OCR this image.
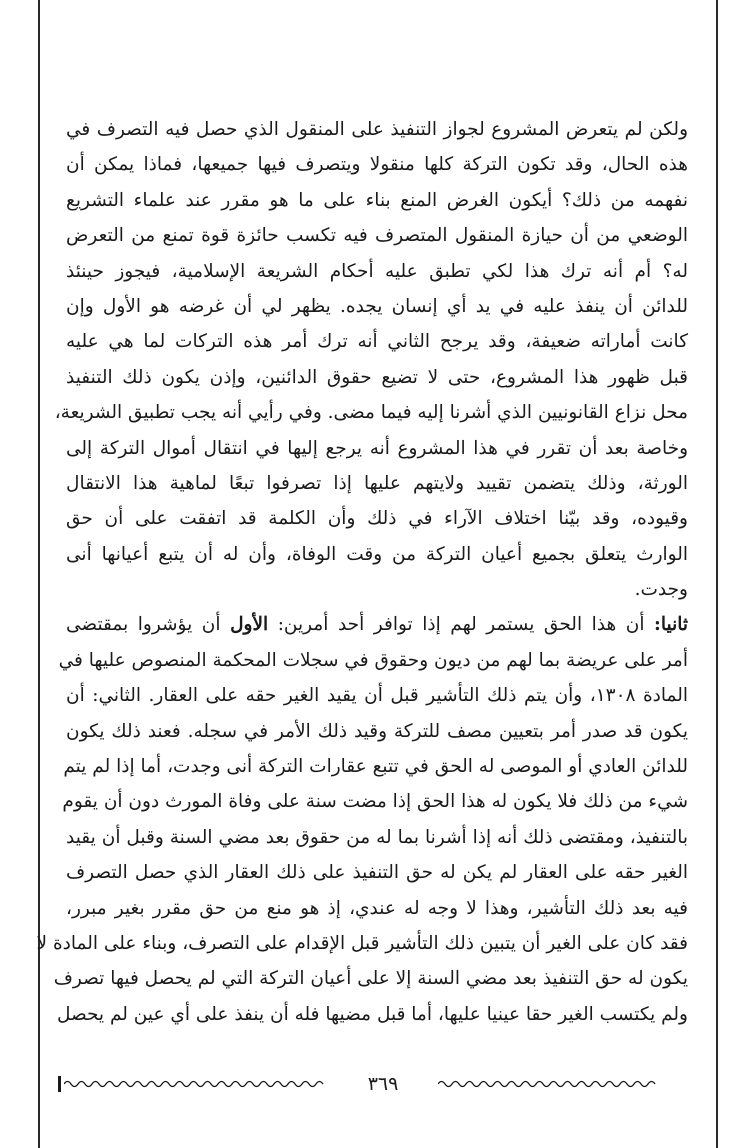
ولكن لم يتعرض المشروع لجواز التنفيذ على المنقول الذي حصل فيه التصرف في
هذه الحال، وقد تكون التركة كلها منقولا ويتصرف فيها جميعها، فماذا يمكن أن
نفهمه من ذلك؟ أيكون الغرض المنع بناء على ما هو مقرر عند علماء التشريع
الوضعي من أن حيازة المنقول المتصرف فيه تكسب حائزة قوة تمنع من التعرض
له؟ أم أنه ترك هذا لكي تطبق عليه أحكام الشريعة الإسلامية، فيجوز حينئذ
للدائن أن ينفذ عليه في يد أي إنسان يجده. يظهر لي أن غرضه هو الأول وإن
كانت أماراته ضعيفة، وقد يرجح الثاني أنه ترك أمر هذه التركات لما هي عليه
قبل ظهور هذا المشروع، حتى لا تضيع حقوق الدائنين، وإذن يكون ذلك التنفيذ
محل نزاع القانونيين الذي أشرنا إليه فيما مضى. وفي رأيي أنه يجب تطبيق الشريعة،
وخاصة بعد أن تقرر في هذا المشروع أنه يرجع إليها في انتقال أموال التركة إلى
الورثة، وذلك يتضمن تقييد ولايتهم عليها إذا تصرفوا تبعًا لماهية هذا الانتقال
وقيوده، وقد بيّنا اختلاف الآراء في ذلك وأن الكلمة قد اتفقت على أن حق
الوارث يتعلق بجميع أعيان التركة من وقت الوفاة، وأن له أن يتبع أعيانها أنى
وجدت.
ثانيا: أن هذا الحق يستمر لهم إذا توافر أحد أمرين: الأول أن يؤشروا بمقتضى
أمر على عريضة بما لهم من ديون وحقوق في سجلات المحكمة المنصوص عليها في
المادة ١٣٠٨، وأن يتم ذلك التأشير قبل أن يقيد الغير حقه على العقار. الثاني: أن
يكون قد صدر أمر بتعيين مصف للتركة وقيد ذلك الأمر في سجله. فعند ذلك يكون
للدائن العادي أو الموصى له الحق في تتبع عقارات التركة أنى وجدت، أما إذا لم يتم
شيء من ذلك فلا يكون له هذا الحق إذا مضت سنة على وفاة المورث دون أن يقوم
بالتنفيذ، ومقتضى ذلك أنه إذا أشرنا بما له من حقوق بعد مضي السنة وقبل أن يقيد
الغير حقه على العقار لم يكن له حق التنفيذ على ذلك العقار الذي حصل التصرف
فيه بعد ذلك التأشير، وهذا لا وجه له عندي، إذ هو منع من حق مقرر بغير مبرر،
فقد كان على الغير أن يتبين ذلك التأشير قبل الإقدام على التصرف، وبناء على المادة لا
يكون له حق التنفيذ بعد مضي السنة إلا على أعيان التركة التي لم يحصل فيها تصرف
ولم يكتسب الغير حقا عينيا عليها، أما قبل مضيها فله أن ينفذ على أي عين لم يحصل
٣٦٩
